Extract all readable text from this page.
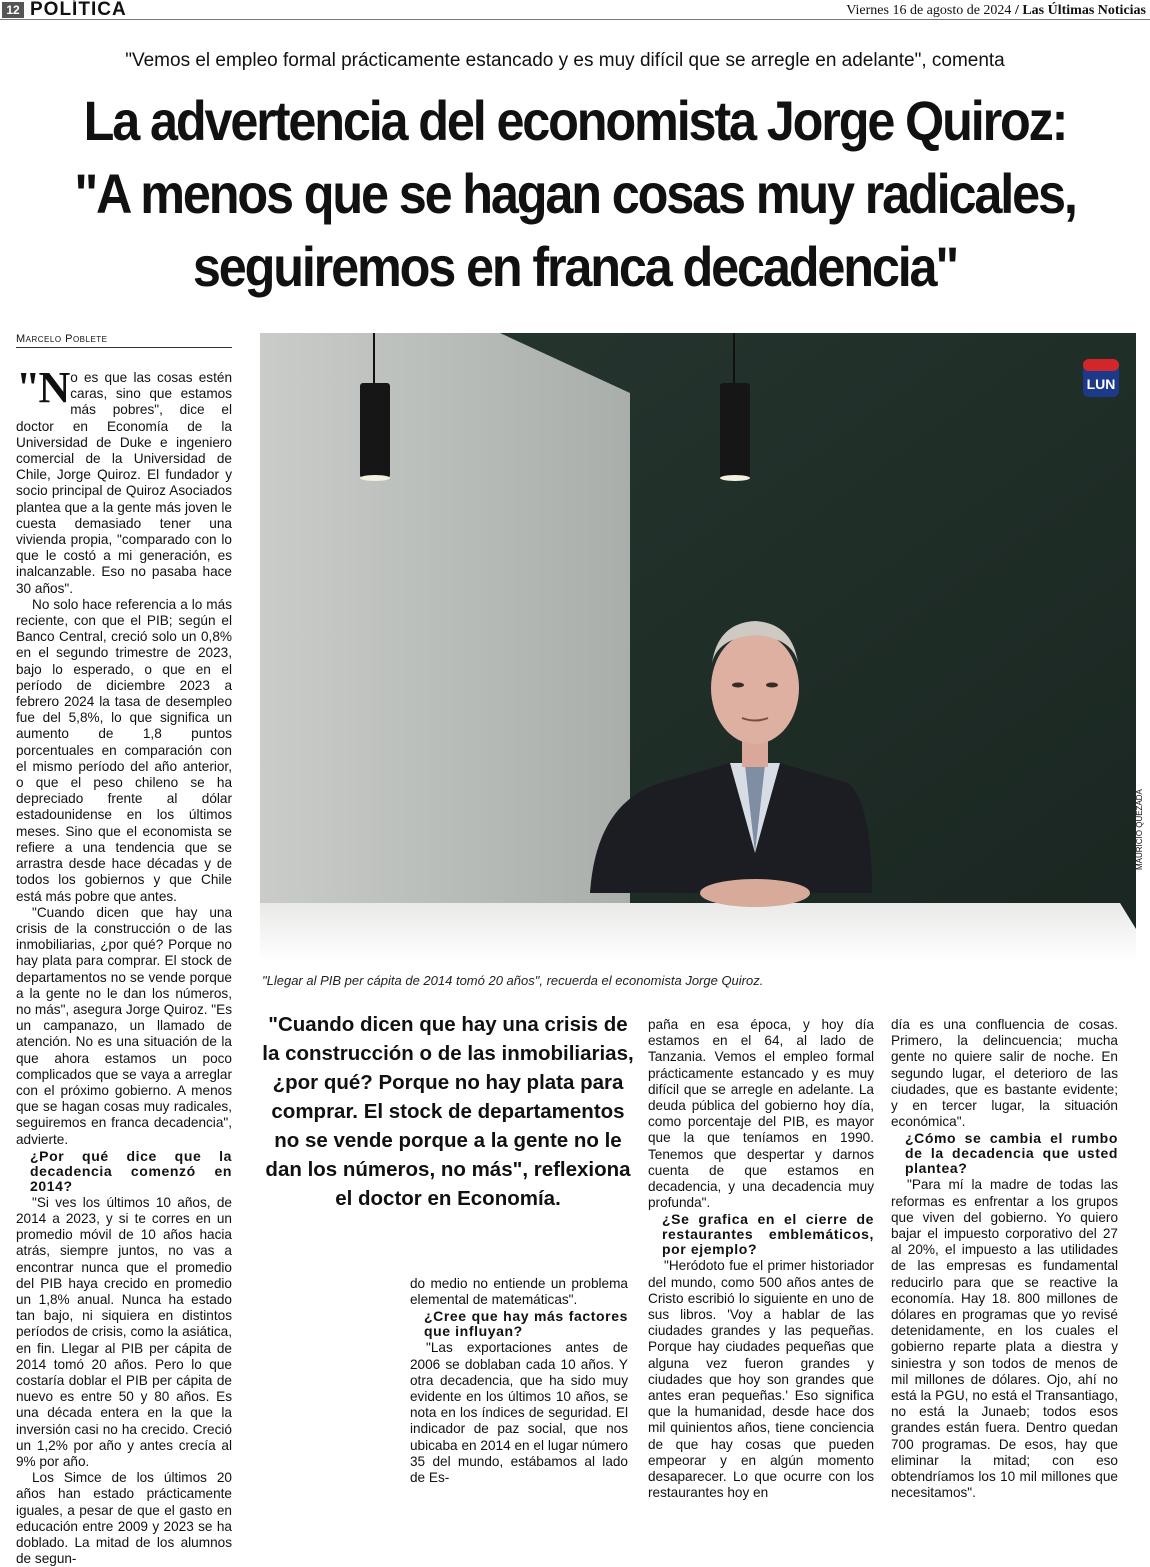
12 POLÍTICA	Viernes 16 de agosto de 2024 / Las Últimas Noticias
"Vemos el empleo formal prácticamente estancado y es muy difícil que se arregle en adelante", comenta
La advertencia del economista Jorge Quiroz:
"A menos que se hagan cosas muy radicales,
seguiremos en franca decadencia"
Marcelo Poblete

"N o es que las cosas estén caras, sino que estamos más pobres", dice el doctor en Economía de la Universidad de Duke e ingeniero comercial de la Universidad de Chile, Jorge Quiroz. El fundador y socio principal de Quiroz Asociados plantea que a la gente más joven le cuesta demasiado tener una vivienda propia, "comparado con lo que le costó a mi generación, es inalcanzable. Eso no pasaba hace 30 años".

No solo hace referencia a lo más reciente, con que el PIB; según el Banco Central, creció solo un 0,8% en el segundo trimestre de 2023, bajo lo esperado, o que en el período de diciembre 2023 a febrero 2024 la tasa de desempleo fue del 5,8%, lo que significa un aumento de 1,8 puntos porcentuales en comparación con el mismo período del año anterior, o que el peso chileno se ha depreciado frente al dólar estadounidense en los últimos meses. Sino que el economista se refiere a una tendencia que se arrastra desde hace décadas y de todos los gobiernos y que Chile está más pobre que antes.

"Cuando dicen que hay una crisis de la construcción o de las inmobiliarias, ¿por qué? Porque no hay plata para comprar. El stock de departamentos no se vende porque a la gente no le dan los números, no más", asegura Jorge Quiroz. "Es un campanazo, un llamado de atención. No es una situación de la que ahora estamos un poco complicados que se vaya a arreglar con el próximo gobierno. A menos que se hagan cosas muy radicales, seguiremos en franca decadencia", advierte.

¿Por qué dice que la decadencia comenzó en 2014?

"Si ves los últimos 10 años, de 2014 a 2023, y si te corres en un promedio móvil de 10 años hacia atrás, siempre juntos, no vas a encontrar nunca que el promedio del PIB haya crecido en promedio un 1,8% anual. Nunca ha estado tan bajo, ni siquiera en distintos períodos de crisis, como la asiática, en fin. Llegar al PIB per cápita de 2014 tomó 20 años. Pero lo que costaría doblar el PIB per cápita de nuevo es entre 50 y 80 años. Es una década entera en la que la inversión casi no ha crecido. Creció un 1,2% por año y antes crecía al 9% por año.

Los Simce de los últimos 20 años han estado prácticamente iguales, a pesar de que el gasto en educación entre 2009 y 2023 se ha doblado. La mitad de los alumnos de segun-

LUN
MAURICIO QUEZADA
"Llegar al PIB per cápita de 2014 tomó 20 años", recuerda el economista Jorge Quiroz.
"Cuando dicen que hay una crisis de la construcción o de las inmobiliarias, ¿por qué? Porque no hay plata para comprar. El stock de departamentos no se vende porque a la gente no le dan los números, no más", reflexiona el doctor en Economía.

do medio no entiende un problema elemental de matemáticas".

¿Cree que hay más factores que influyan?

"Las exportaciones antes de 2006 se doblaban cada 10 años. Y otra decadencia, que ha sido muy evidente en los últimos 10 años, se nota en los índices de seguridad. El indicador de paz social, que nos ubicaba en 2014 en el lugar número 35 del mundo, estábamos al lado de Es-

paña en esa época, y hoy día estamos en el 64, al lado de Tanzania. Vemos el empleo formal prácticamente estancado y es muy difícil que se arregle en adelante. La deuda pública del gobierno hoy día, como porcentaje del PIB, es mayor que la que teníamos en 1990. Tenemos que despertar y darnos cuenta de que estamos en decadencia, y una decadencia muy profunda".

¿Se grafica en el cierre de restaurantes emblemáticos, por ejemplo?

"Heródoto fue el primer historiador del mundo, como 500 años antes de Cristo escribió lo siguiente en uno de sus libros. 'Voy a hablar de las ciudades grandes y las pequeñas. Porque hay ciudades pequeñas que alguna vez fueron grandes y ciudades que hoy son grandes que antes eran pequeñas.' Eso significa que la humanidad, desde hace dos mil quinientos años, tiene conciencia de que hay cosas que pueden empeorar y en algún momento desaparecer. Lo que ocurre con los restaurantes hoy en

día es una confluencia de cosas. Primero, la delincuencia; mucha gente no quiere salir de noche. En segundo lugar, el deterioro de las ciudades, que es bastante evidente; y en tercer lugar, la situación económica".

¿Cómo se cambia el rumbo de la decadencia que usted plantea?

"Para mí la madre de todas las reformas es enfrentar a los grupos que viven del gobierno. Yo quiero bajar el impuesto corporativo del 27 al 20%, el impuesto a las utilidades de las empresas es fundamental reducirlo para que se reactive la economía. Hay 18. 800 millones de dólares en programas que yo revisé detenidamente, en los cuales el gobierno reparte plata a diestra y siniestra y son todos de menos de mil millones de dólares. Ojo, ahí no está la PGU, no está el Transantiago, no está la Junaeb; todos esos grandes están fuera. Dentro quedan 700 programas. De esos, hay que eliminar la mitad; con eso obtendríamos los 10 mil millones que necesitamos".
